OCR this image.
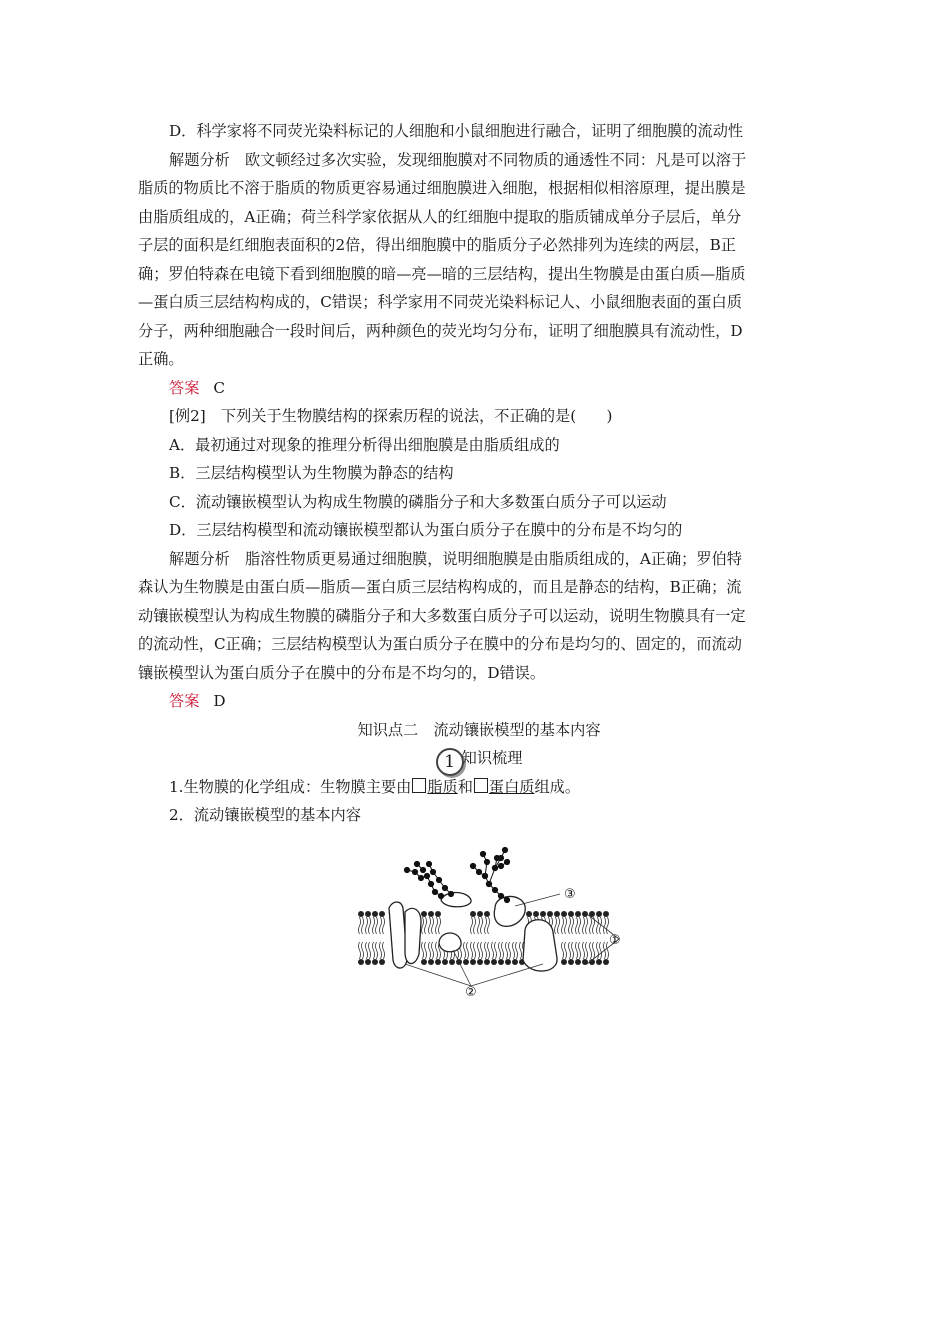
D．科学家将不同荧光染料标记的人细胞和小鼠细胞进行融合，证明了细胞膜的流动性
解题分析　欧文顿经过多次实验，发现细胞膜对不同物质的通透性不同：凡是可以溶于
脂质的物质比不溶于脂质的物质更容易通过细胞膜进入细胞，根据相似相溶原理，提出膜是
由脂质组成的，A正确；荷兰科学家依据从人的红细胞中提取的脂质铺成单分子层后，单分
子层的面积是红细胞表面积的2倍，得出细胞膜中的脂质分子必然排列为连续的两层，B正
确；罗伯特森在电镜下看到细胞膜的暗—亮—暗的三层结构，提出生物膜是由蛋白质—脂质
—蛋白质三层结构构成的，C错误；科学家用不同荧光染料标记人、小鼠细胞表面的蛋白质
分子，两种细胞融合一段时间后，两种颜色的荧光均匀分布，证明了细胞膜具有流动性，D
正确。
答案 C
[例2]　下列关于生物膜结构的探索历程的说法，不正确的是(　　)
A．最初通过对现象的推理分析得出细胞膜是由脂质组成的
B．三层结构模型认为生物膜为静态的结构
C．流动镶嵌模型认为构成生物膜的磷脂分子和大多数蛋白质分子可以运动
D．三层结构模型和流动镶嵌模型都认为蛋白质分子在膜中的分布是不均匀的
解题分析　脂溶性物质更易通过细胞膜，说明细胞膜是由脂质组成的，A正确；罗伯特
森认为生物膜是由蛋白质—脂质—蛋白质三层结构构成的，而且是静态的结构，B正确；流
动镶嵌模型认为构成生物膜的磷脂分子和大多数蛋白质分子可以运动，说明生物膜具有一定
的流动性，C正确；三层结构模型认为蛋白质分子在膜中的分布是均匀的、固定的，而流动
镶嵌模型认为蛋白质分子在膜中的分布是不均匀的，D错误。
答案 D
知识点二　流动镶嵌模型的基本内容
1 知识梳理
1.生物膜的化学组成：生物膜主要由 脂质和 蛋白质组成。
2．流动镶嵌模型的基本内容
③
①
②
